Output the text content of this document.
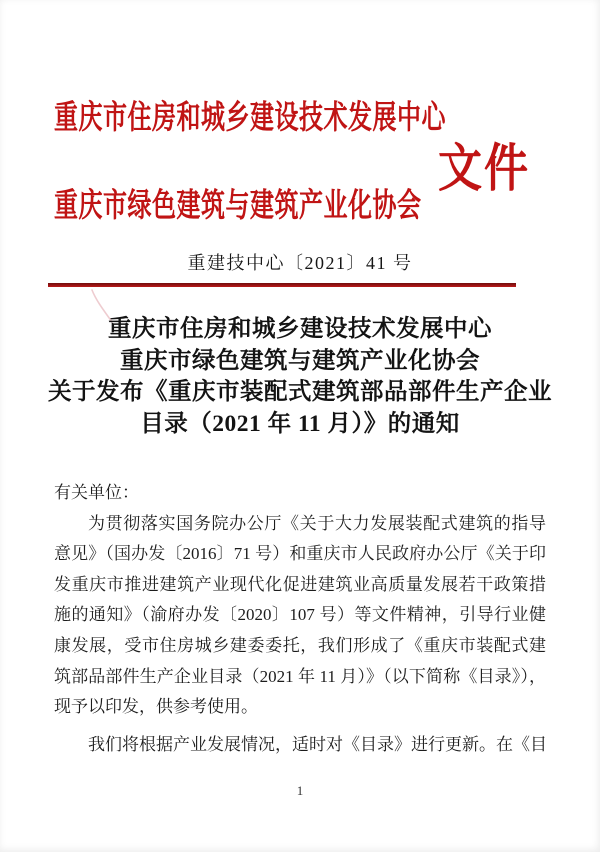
重庆市住房和城乡建设技术发展中心
重庆市绿色建筑与建筑产业化协会
文件
重建技中心〔2021〕41 号
重庆市住房和城乡建设技术发展中心
重庆市绿色建筑与建筑产业化协会
关于发布《重庆市装配式建筑部品部件生产企业
目录（2021 年 11 月）》的通知

有关单位：

为贯彻落实国务院办公厅《关于大力发展装配式建筑的指导意见》（国办发〔2016〕71 号）和重庆市人民政府办公厅《关于印发重庆市推进建筑产业现代化促进建筑业高质量发展若干政策措施的通知》（渝府办发〔2020〕107 号）等文件精神，引导行业健康发展，受市住房城乡建委委托，我们形成了《重庆市装配式建筑部品部件生产企业目录（2021 年 11 月）》（以下简称《目录》），现予以印发，供参考使用。

我们将根据产业发展情况，适时对《目录》进行更新。在《目

1
